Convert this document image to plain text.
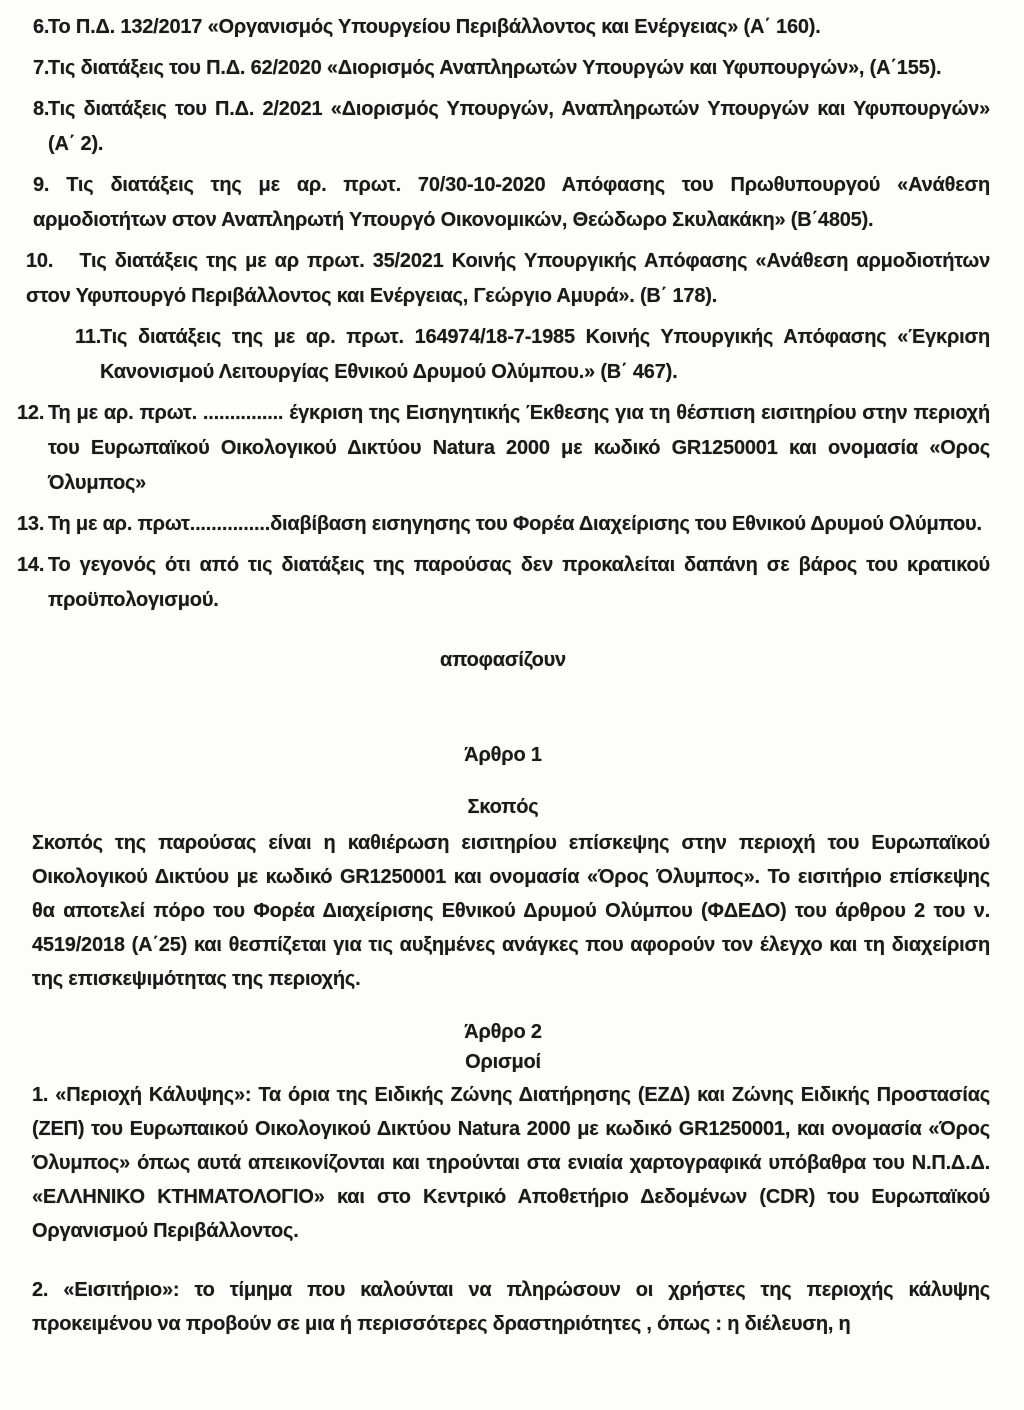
6.
Το Π.Δ. 132/2017 «Οργανισμός Υπουργείου Περιβάλλοντος και Ενέργειας» (Α΄ 160).
7.
Τις διατάξεις του Π.Δ. 62/2020 «Διορισμός Αναπληρωτών Υπουργών και Υφυπουργών», (Α΄155).
8.
Τις διατάξεις του Π.Δ. 2/2021 «Διορισμός Υπουργών, Αναπληρωτών Υπουργών και Υφυπουργών» (Α΄ 2).
9. Τις διατάξεις της με αρ. πρωτ. 70/30-10-2020 Απόφασης του Πρωθυπουργού «Ανάθεση αρμοδιοτήτων στον Αναπληρωτή Υπουργό Οικονομικών, Θεώδωρο Σκυλακάκη» (Β΄4805).
10. Τις διατάξεις της με αρ πρωτ. 35/2021 Κοινής Υπουργικής Απόφασης «Ανάθεση αρμοδιοτήτων στον Υφυπουργό Περιβάλλοντος και Ενέργειας, Γεώργιο Αμυρά». (Β΄ 178).
11.
Τις διατάξεις της με αρ. πρωτ. 164974/18-7-1985 Κοινής Υπουργικής Απόφασης «Έγκριση Κανονισμού Λειτουργίας Εθνικού Δρυμού Ολύμπου.» (Β΄ 467).
12. Τη με αρ. πρωτ. ............... έγκριση της Εισηγητικής Έκθεσης για τη θέσπιση εισιτηρίου στην περιοχή του Ευρωπαϊκού Οικολογικού Δικτύου Natura 2000 με κωδικό GR1250001 και ονομασία «Ορος Όλυμπος»
13. Τη με αρ. πρωτ...............διαβίβαση εισηγησης του Φορέα Διαχείρισης του Εθνικού Δρυμού Ολύμπου.
14. Το γεγονός ότι από τις διατάξεις της παρούσας δεν προκαλείται δαπάνη σε βάρος του κρατικού προϋπολογισμού.
αποφασίζουν
Άρθρο 1
Σκοπός
Σκοπός της παρούσας είναι η καθιέρωση εισιτηρίου επίσκεψης στην περιοχή του Ευρωπαϊκού Οικολογικού Δικτύου με κωδικό GR1250001 και ονομασία «Όρος Όλυμπος». Το εισιτήριο επίσκεψης θα αποτελεί πόρο του Φορέα Διαχείρισης Εθνικού Δρυμού Ολύμπου (ΦΔΕΔΟ) του άρθρου 2 του ν. 4519/2018 (Α΄25) και θεσπίζεται για τις αυξημένες ανάγκες που αφορούν τον έλεγχο και τη διαχείριση της επισκεψιμότητας της περιοχής.
Άρθρο 2
Ορισμοί
1. «Περιοχή Κάλυψης»: Τα όρια της Ειδικής Ζώνης Διατήρησης (ΕΖΔ) και Ζώνης Ειδικής Προστασίας (ΖΕΠ) του Ευρωπαικού Οικολογικού Δικτύου Natura 2000 με κωδικό GR1250001, και ονομασία «Όρος Όλυμπος» όπως αυτά απεικονίζονται και τηρούνται στα ενιαία χαρτογραφικά υπόβαθρα του Ν.Π.Δ.Δ. «ΕΛΛΗΝΙΚΟ ΚΤΗΜΑΤΟΛΟΓΙΟ» και στο Κεντρικό Αποθετήριο Δεδομένων (CDR) του Ευρωπαϊκού Οργανισμού Περιβάλλοντος.
2. «Εισιτήριο»: το τίμημα που καλούνται να πληρώσουν οι χρήστες της περιοχής κάλυψης προκειμένου να προβούν σε μια ή περισσότερες δραστηριότητες , όπως : η διέλευση, η
